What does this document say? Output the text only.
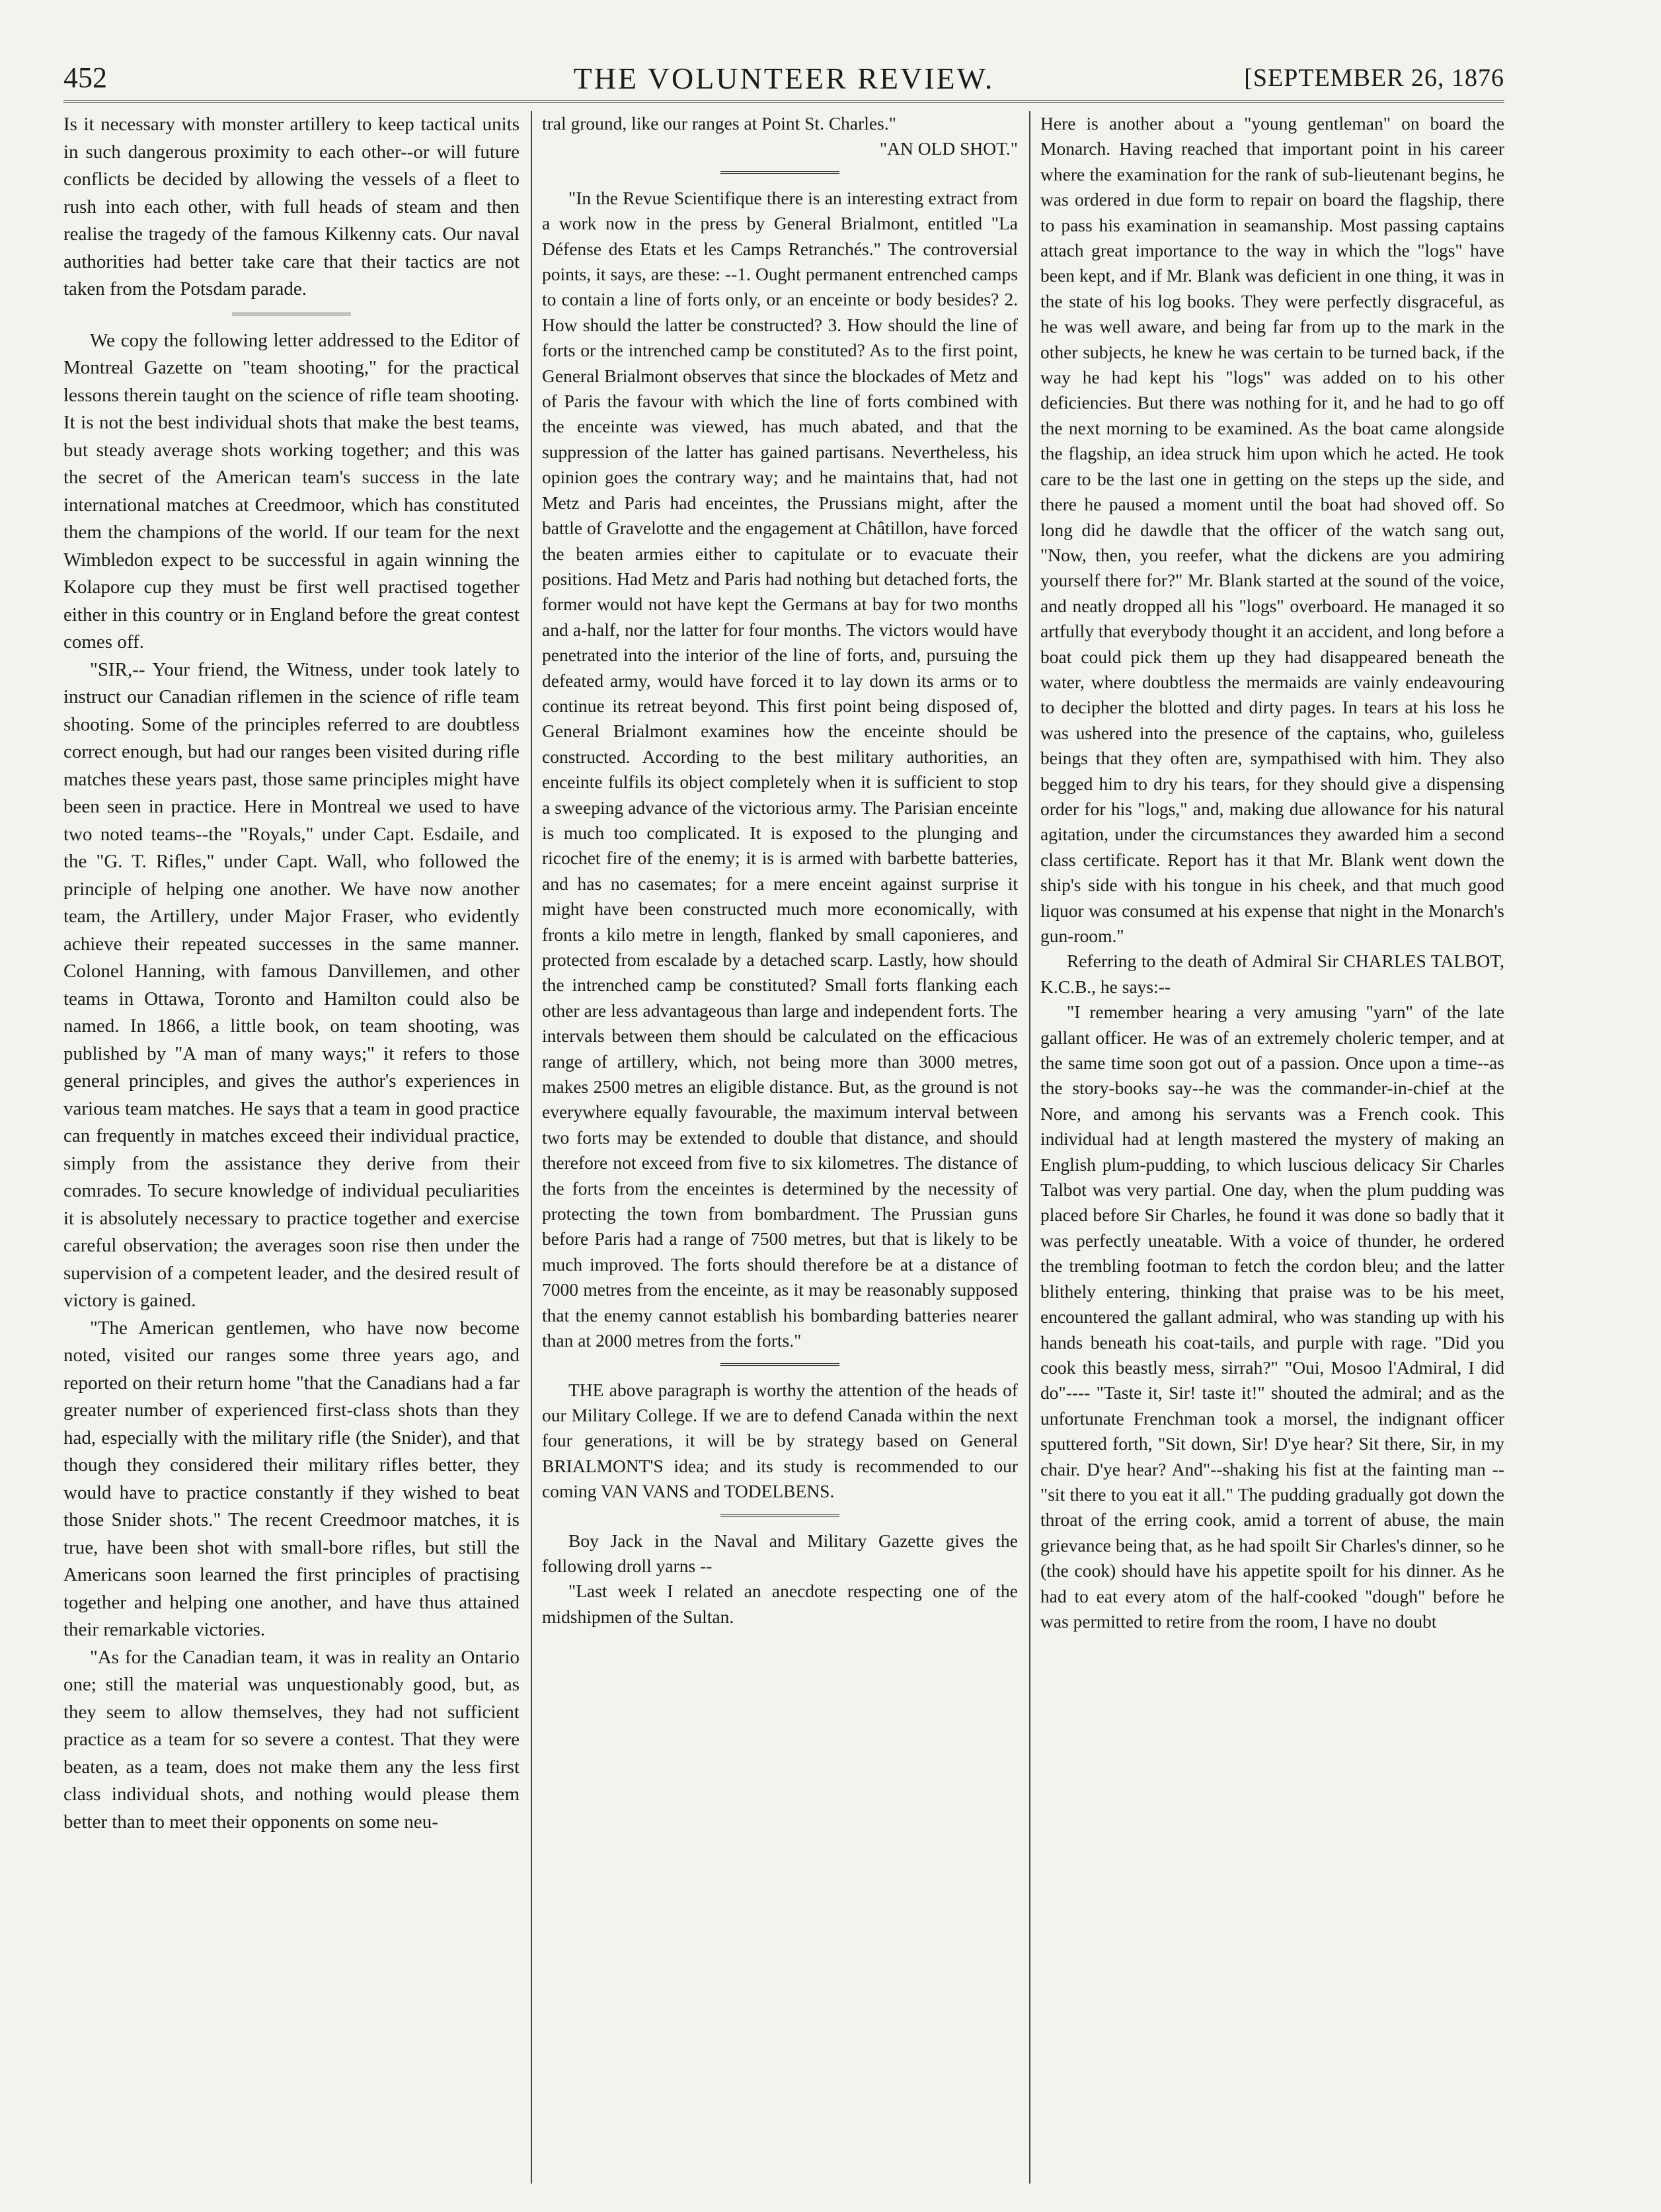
452	THE VOLUNTEER REVIEW.	[SEPTEMBER 26, 1876

Is it necessary with monster artillery to keep tactical units in such dangerous proximity to each other--or will future conflicts be decided by allowing the vessels of a fleet to rush into each other, with full heads of steam and then realise the tragedy of the famous Kilkenny cats. Our naval authorities had better take care that their tactics are not taken from the Potsdam parade.

We copy the following letter addressed to the Editor of Montreal Gazette on "team shooting," for the practical lessons therein taught on the science of rifle team shooting. It is not the best individual shots that make the best teams, but steady average shots working together; and this was the secret of the American team's success in the late international matches at Creedmoor, which has constituted them the champions of the world. If our team for the next Wimbledon expect to be successful in again winning the Kolapore cup they must be first well practised together either in this country or in England before the great contest comes off.

"SIR,-- Your friend, the Witness, under took lately to instruct our Canadian riflemen in the science of rifle team shooting. Some of the principles referred to are doubtless correct enough, but had our ranges been visited during rifle matches these years past, those same principles might have been seen in practice. Here in Montreal we used to have two noted teams--the "Royals," under Capt. Esdaile, and the "G. T. Rifles," under Capt. Wall, who followed the principle of helping one another. We have now another team, the Artillery, under Major Fraser, who evidently achieve their repeated successes in the same manner. Colonel Hanning, with famous Danvillemen, and other teams in Ottawa, Toronto and Hamilton could also be named. In 1866, a little book, on team shooting, was published by "A man of many ways;" it refers to those general principles, and gives the author's experiences in various team matches. He says that a team in good practice can frequently in matches exceed their individual practice, simply from the assistance they derive from their comrades. To secure knowledge of individual peculiarities it is absolutely necessary to practice together and exercise careful observation; the averages soon rise then under the supervision of a competent leader, and the desired result of victory is gained.

"The American gentlemen, who have now become noted, visited our ranges some three years ago, and reported on their return home "that the Canadians had a far greater number of experienced first-class shots than they had, especially with the military rifle (the Snider), and that though they considered their military rifles better, they would have to practice constantly if they wished to beat those Snider shots." The recent Creedmoor matches, it is true, have been shot with small-bore rifles, but still the Americans soon learned the first principles of practising together and helping one another, and have thus attained their remarkable victories.

"As for the Canadian team, it was in reality an Ontario one; still the material was unquestionably good, but, as they seem to allow themselves, they had not sufficient practice as a team for so severe a contest. That they were beaten, as a team, does not make them any the less first class individual shots, and nothing would please them better than to meet their opponents on some neu-

tral ground, like our ranges at Point St. Charles."

"AN OLD SHOT."

"In the Revue Scientifique there is an interesting extract from a work now in the press by General Brialmont, entitled "La Défense des Etats et les Camps Retranchés." The controversial points, it says, are these: --1. Ought permanent entrenched camps to contain a line of forts only, or an enceinte or body besides? 2. How should the latter be constructed? 3. How should the line of forts or the intrenched camp be constituted? As to the first point, General Brialmont observes that since the blockades of Metz and of Paris the favour with which the line of forts combined with the enceinte was viewed, has much abated, and that the suppression of the latter has gained partisans. Nevertheless, his opinion goes the contrary way; and he maintains that, had not Metz and Paris had enceintes, the Prussians might, after the battle of Gravelotte and the engagement at Châtillon, have forced the beaten armies either to capitulate or to evacuate their positions. Had Metz and Paris had nothing but detached forts, the former would not have kept the Germans at bay for two months and a-half, nor the latter for four months. The victors would have penetrated into the interior of the line of forts, and, pursuing the defeated army, would have forced it to lay down its arms or to continue its retreat beyond. This first point being disposed of, General Brialmont examines how the enceinte should be constructed. According to the best military authorities, an enceinte fulfils its object completely when it is sufficient to stop a sweeping advance of the victorious army. The Parisian enceinte is much too complicated. It is exposed to the plunging and ricochet fire of the enemy; it is is armed with barbette batteries, and has no casemates; for a mere enceint against surprise it might have been constructed much more economically, with fronts a kilo metre in length, flanked by small caponieres, and protected from escalade by a detached scarp. Lastly, how should the intrenched camp be constituted? Small forts flanking each other are less advantageous than large and independent forts. The intervals between them should be calculated on the efficacious range of artillery, which, not being more than 3000 metres, makes 2500 metres an eligible distance. But, as the ground is not everywhere equally favourable, the maximum interval between two forts may be extended to double that distance, and should therefore not exceed from five to six kilometres. The distance of the forts from the enceintes is determined by the necessity of protecting the town from bombardment. The Prussian guns before Paris had a range of 7500 metres, but that is likely to be much improved. The forts should therefore be at a distance of 7000 metres from the enceinte, as it may be reasonably supposed that the enemy cannot establish his bombarding batteries nearer than at 2000 metres from the forts."

THE above paragraph is worthy the attention of the heads of our Military College. If we are to defend Canada within the next four generations, it will be by strategy based on General BRIALMONT'S idea; and its study is recommended to our coming VAN VANS and TODELBENS.

Boy Jack in the Naval and Military Gazette gives the following droll yarns --

"Last week I related an anecdote respecting one of the midshipmen of the Sultan.

Here is another about a "young gentleman" on board the Monarch. Having reached that important point in his career where the examination for the rank of sub-lieutenant begins, he was ordered in due form to repair on board the flagship, there to pass his examination in seamanship. Most passing captains attach great importance to the way in which the "logs" have been kept, and if Mr. Blank was deficient in one thing, it was in the state of his log books. They were perfectly disgraceful, as he was well aware, and being far from up to the mark in the other subjects, he knew he was certain to be turned back, if the way he had kept his "logs" was added on to his other deficiencies. But there was nothing for it, and he had to go off the next morning to be examined. As the boat came alongside the flagship, an idea struck him upon which he acted. He took care to be the last one in getting on the steps up the side, and there he paused a moment until the boat had shoved off. So long did he dawdle that the officer of the watch sang out, "Now, then, you reefer, what the dickens are you admiring yourself there for?" Mr. Blank started at the sound of the voice, and neatly dropped all his "logs" overboard. He managed it so artfully that everybody thought it an accident, and long before a boat could pick them up they had disappeared beneath the water, where doubtless the mermaids are vainly endeavouring to decipher the blotted and dirty pages. In tears at his loss he was ushered into the presence of the captains, who, guileless beings that they often are, sympathised with him. They also begged him to dry his tears, for they should give a dispensing order for his "logs," and, making due allowance for his natural agitation, under the circumstances they awarded him a second class certificate. Report has it that Mr. Blank went down the ship's side with his tongue in his cheek, and that much good liquor was consumed at his expense that night in the Monarch's gun-room."

Referring to the death of Admiral Sir CHARLES TALBOT, K.C.B., he says:--

"I remember hearing a very amusing "yarn" of the late gallant officer. He was of an extremely choleric temper, and at the same time soon got out of a passion. Once upon a time--as the story-books say--he was the commander-in-chief at the Nore, and among his servants was a French cook. This individual had at length mastered the mystery of making an English plum-pudding, to which luscious delicacy Sir Charles Talbot was very partial. One day, when the plum pudding was placed before Sir Charles, he found it was done so badly that it was perfectly uneatable. With a voice of thunder, he ordered the trembling footman to fetch the cordon bleu; and the latter blithely entering, thinking that praise was to be his meet, encountered the gallant admiral, who was standing up with his hands beneath his coat-tails, and purple with rage. "Did you cook this beastly mess, sirrah?" "Oui, Mosoo l'Admiral, I did do"---- "Taste it, Sir! taste it!" shouted the admiral; and as the unfortunate Frenchman took a morsel, the indignant officer sputtered forth, "Sit down, Sir! D'ye hear? Sit there, Sir, in my chair. D'ye hear? And"--shaking his fist at the fainting man --"sit there to you eat it all." The pudding gradually got down the throat of the erring cook, amid a torrent of abuse, the main grievance being that, as he had spoilt Sir Charles's dinner, so he (the cook) should have his appetite spoilt for his dinner. As he had to eat every atom of the half-cooked "dough" before he was permitted to retire from the room, I have no doubt
